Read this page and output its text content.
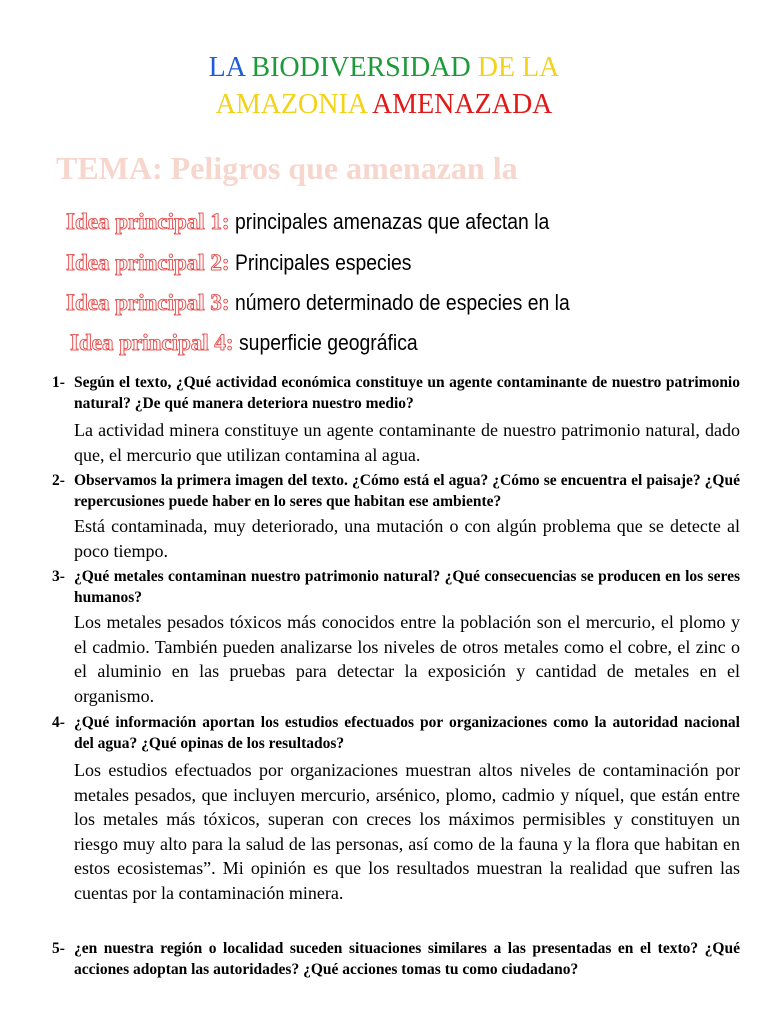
LA BIODIVERSIDAD DE LA
AMAZONIA AMENAZADA
TEMA: Peligros que amenazan la
Idea principal 1: principales amenazas que afectan la
Idea principal 2: Principales especies
Idea principal 3: número determinado de especies en la
Idea principal 4: superficie geográfica
1- Según el texto, ¿Qué actividad económica constituye un agente contaminante de nuestro patrimonio natural? ¿De qué manera deteriora nuestro medio?
La actividad minera constituye un agente contaminante de nuestro patrimonio natural, dado que, el mercurio que utilizan contamina al agua.
2- Observamos la primera imagen del texto. ¿Cómo está el agua? ¿Cómo se encuentra el paisaje? ¿Qué repercusiones puede haber en lo seres que habitan ese ambiente?
Está contaminada, muy deteriorado, una mutación o con algún problema que se detecte al poco tiempo.
3- ¿Qué metales contaminan nuestro patrimonio natural? ¿Qué consecuencias se producen en los seres humanos?
Los metales pesados tóxicos más conocidos entre la población son el mercurio, el plomo y el cadmio. También pueden analizarse los niveles de otros metales como el cobre, el zinc o el aluminio en las pruebas para detectar la exposición y cantidad de metales en el organismo.
4- ¿Qué información aportan los estudios efectuados por organizaciones como la autoridad nacional del agua? ¿Qué opinas de los resultados?
Los estudios efectuados por organizaciones muestran altos niveles de contaminación por metales pesados, que incluyen mercurio, arsénico, plomo, cadmio y níquel, que están entre los metales más tóxicos, superan con creces los máximos permisibles y constituyen un riesgo muy alto para la salud de las personas, así como de la fauna y la flora que habitan en estos ecosistemas”. Mi opinión es que los resultados muestran la realidad que sufren las cuentas por la contaminación minera.
5- ¿en nuestra región o localidad suceden situaciones similares a las presentadas en el texto? ¿Qué acciones adoptan las autoridades? ¿Qué acciones tomas tu como ciudadano?
